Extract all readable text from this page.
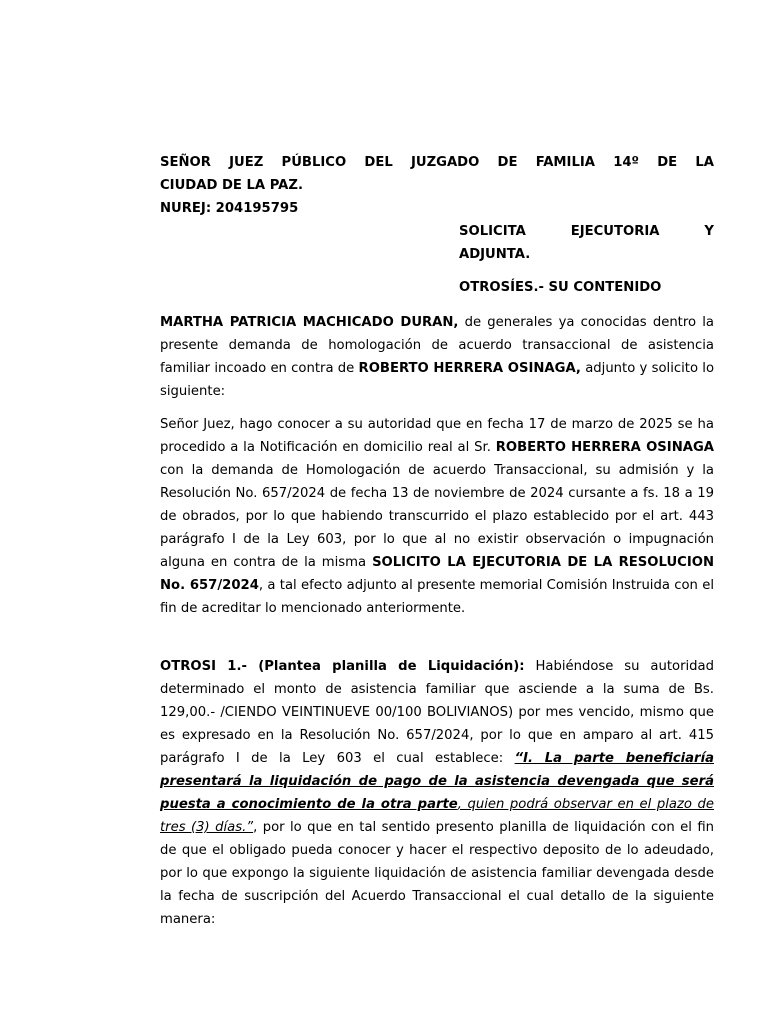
SEÑOR JUEZ PÚBLICO DEL JUZGADO DE FAMILIA 14º DE LA
CIUDAD DE LA PAZ.
NUREJ: 204195795
SOLICITA	EJECUTORIA	Y
ADJUNTA.
OTROSÍES.- SU CONTENIDO
MARTHA PATRICIA MACHICADO DURAN, de generales ya conocidas dentro la presente demanda de homologación de acuerdo transaccional de asistencia familiar incoado en contra de ROBERTO HERRERA OSINAGA, adjunto y solicito lo siguiente:
Señor Juez, hago conocer a su autoridad que en fecha 17 de marzo de 2025 se ha procedido a la Notificación en domicilio real al Sr. ROBERTO HERRERA OSINAGA con la demanda de Homologación de acuerdo Transaccional, su admisión y la Resolución No. 657/2024 de fecha 13 de noviembre de 2024 cursante a fs. 18 a 19 de obrados, por lo que habiendo transcurrido el plazo establecido por el art. 443 parágrafo I de la Ley 603, por lo que al no existir observación o impugnación alguna en contra de la misma SOLICITO LA EJECUTORIA DE LA RESOLUCION No. 657/2024, a tal efecto adjunto al presente memorial Comisión Instruida con el fin de acreditar lo mencionado anteriormente.
OTROSI 1.- (Plantea planilla de Liquidación): Habiéndose su autoridad determinado el monto de asistencia familiar que asciende a la suma de Bs. 129,00.- /CIENDO VEINTINUEVE 00/100 BOLIVIANOS) por mes vencido, mismo que es expresado en la Resolución No. 657/2024, por lo que en amparo al art. 415 parágrafo I de la Ley 603 el cual establece: “I. La parte beneficiaría presentará la liquidación de pago de la asistencia devengada que será puesta a conocimiento de la otra parte, quien podrá observar en el plazo de tres (3) días.”, por lo que en tal sentido presento planilla de liquidación con el fin de que el obligado pueda conocer y hacer el respectivo deposito de lo adeudado, por lo que expongo la siguiente liquidación de asistencia familiar devengada desde la fecha de suscripción del Acuerdo Transaccional el cual detallo de la siguiente manera:
